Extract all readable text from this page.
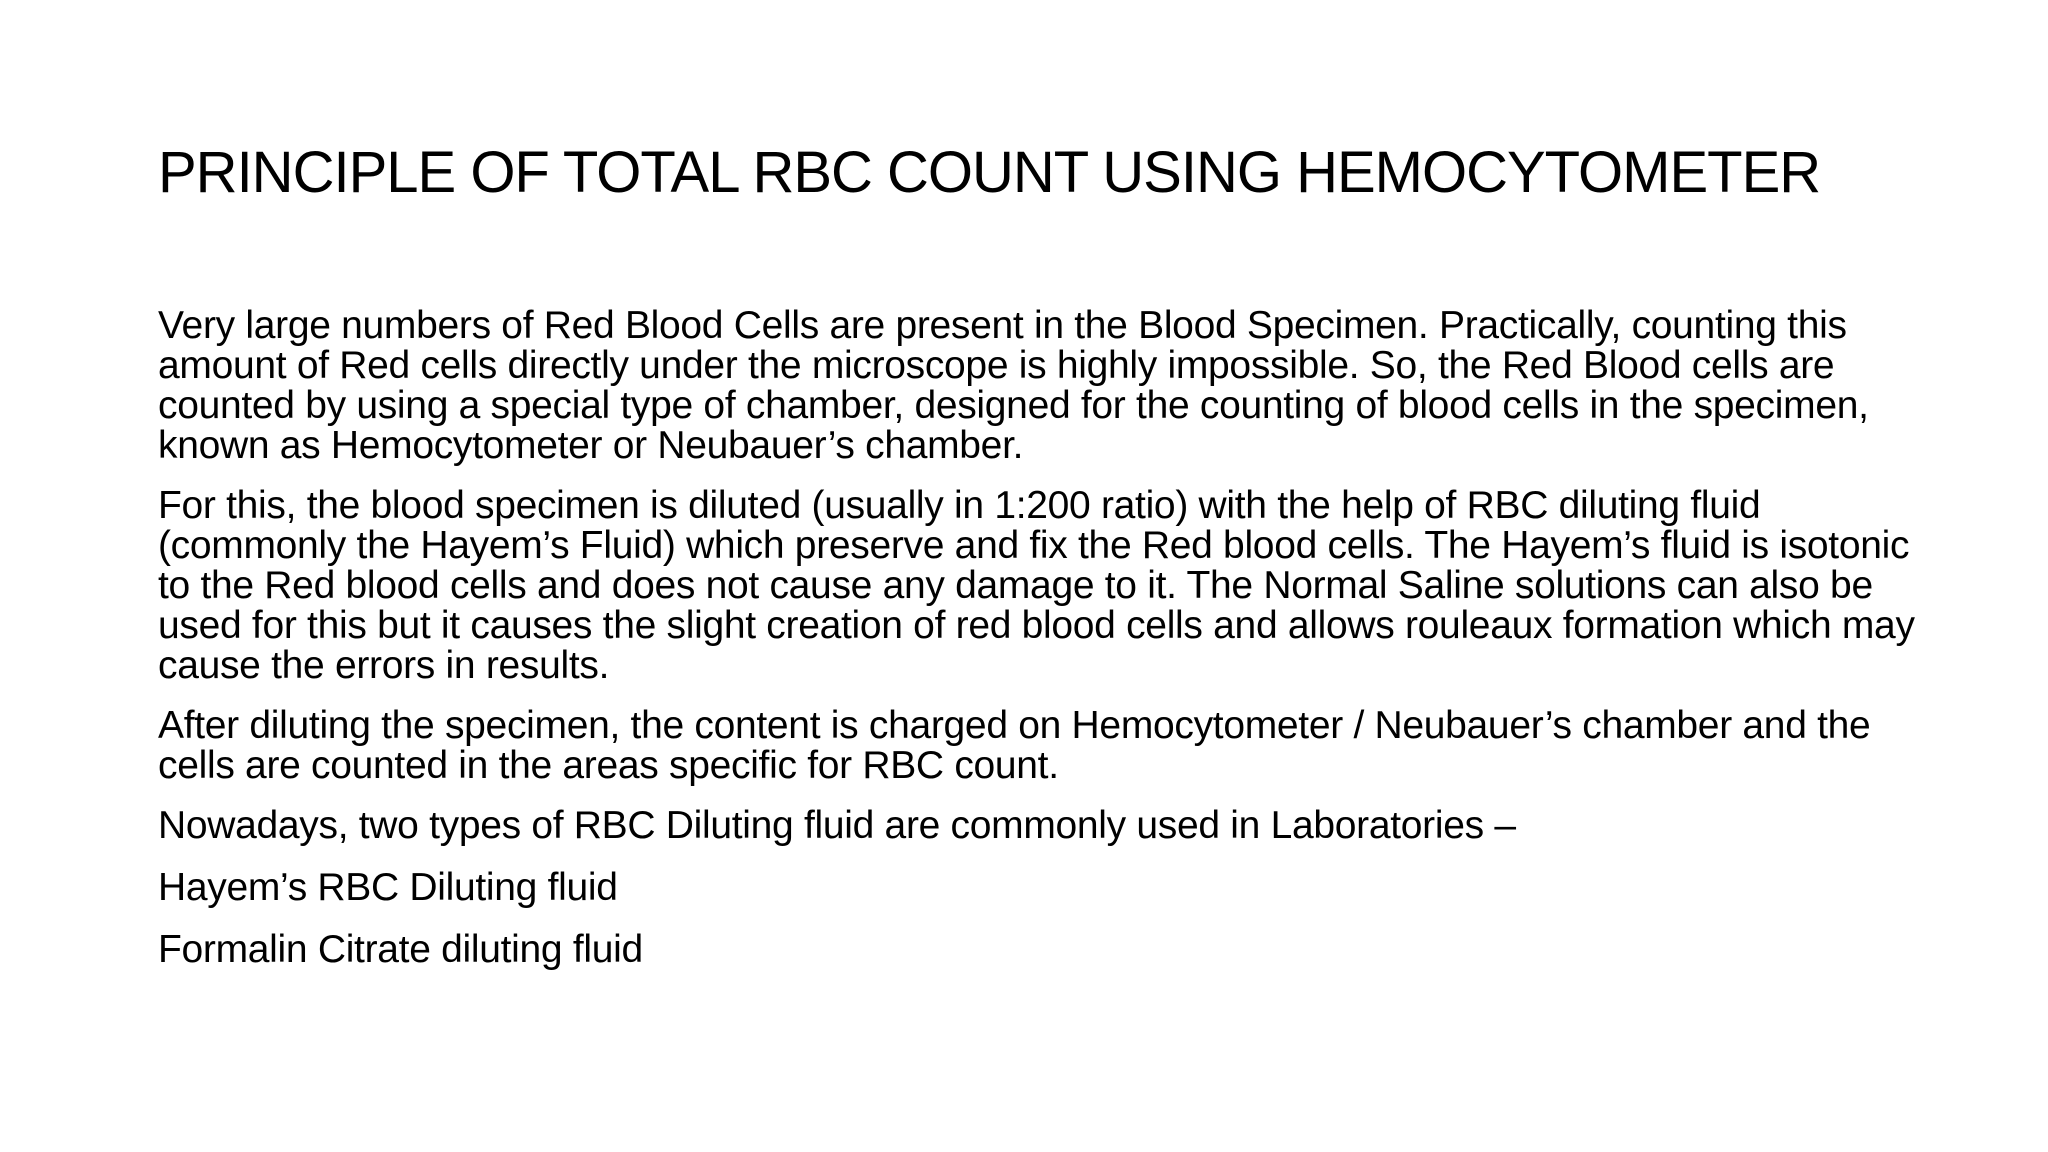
PRINCIPLE OF TOTAL RBC COUNT USING HEMOCYTOMETER

Very large numbers of Red Blood Cells are present in the Blood Specimen. Practically, counting this amount of Red cells directly under the microscope is highly impossible. So, the Red Blood cells are counted by using a special type of chamber, designed for the counting of blood cells in the specimen, known as Hemocytometer or Neubauer’s chamber.

For this, the blood specimen is diluted (usually in 1:200 ratio) with the help of RBC diluting fluid (commonly the Hayem’s Fluid) which preserve and fix the Red blood cells. The Hayem’s fluid is isotonic to the Red blood cells and does not cause any damage to it. The Normal Saline solutions can also be used for this but it causes the slight creation of red blood cells and allows rouleaux formation which may cause the errors in results.

After diluting the specimen, the content is charged on Hemocytometer / Neubauer’s chamber and the cells are counted in the areas specific for RBC count.

Nowadays, two types of RBC Diluting fluid are commonly used in Laboratories –

Hayem’s RBC Diluting fluid

Formalin Citrate diluting fluid
